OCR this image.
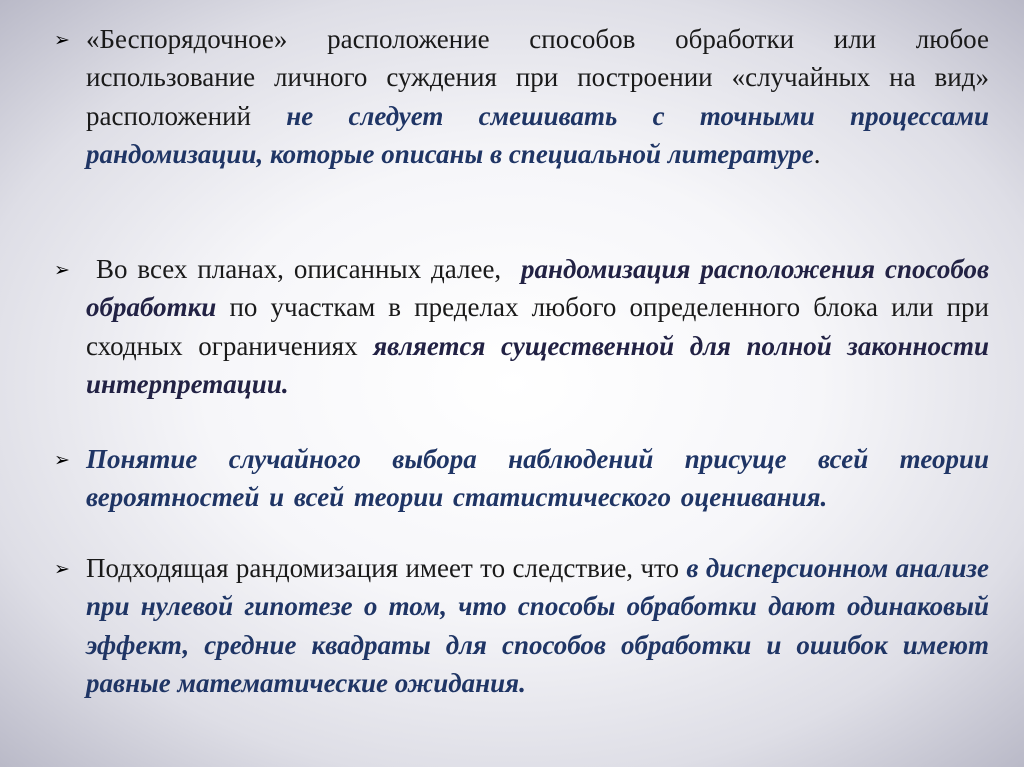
➢ «Беспорядочное» расположение способов обработки или любое использование личного суждения при построении «случайных на вид» расположений не следует смешивать с точными процессами рандомизации, которые описаны в специальной литературе.
➢ Во всех планах, описанных далее,  рандомизация расположения способов обработки по участкам в пределах любого определенного блока или при сходных ограничениях является существенной для полной законности    интерпретации.
➢ Понятие случайного выбора наблюдений присуще всей теории вероятностей и всей теории статистического оценивания.
➢ Подходящая рандомизация имеет то следствие, что в дисперсионном анализе при нулевой гипотезе о том, что способы обработки дают одинаковый эффект, средние квадраты для способов обработки и ошибок имеют равные математические ожидания.
